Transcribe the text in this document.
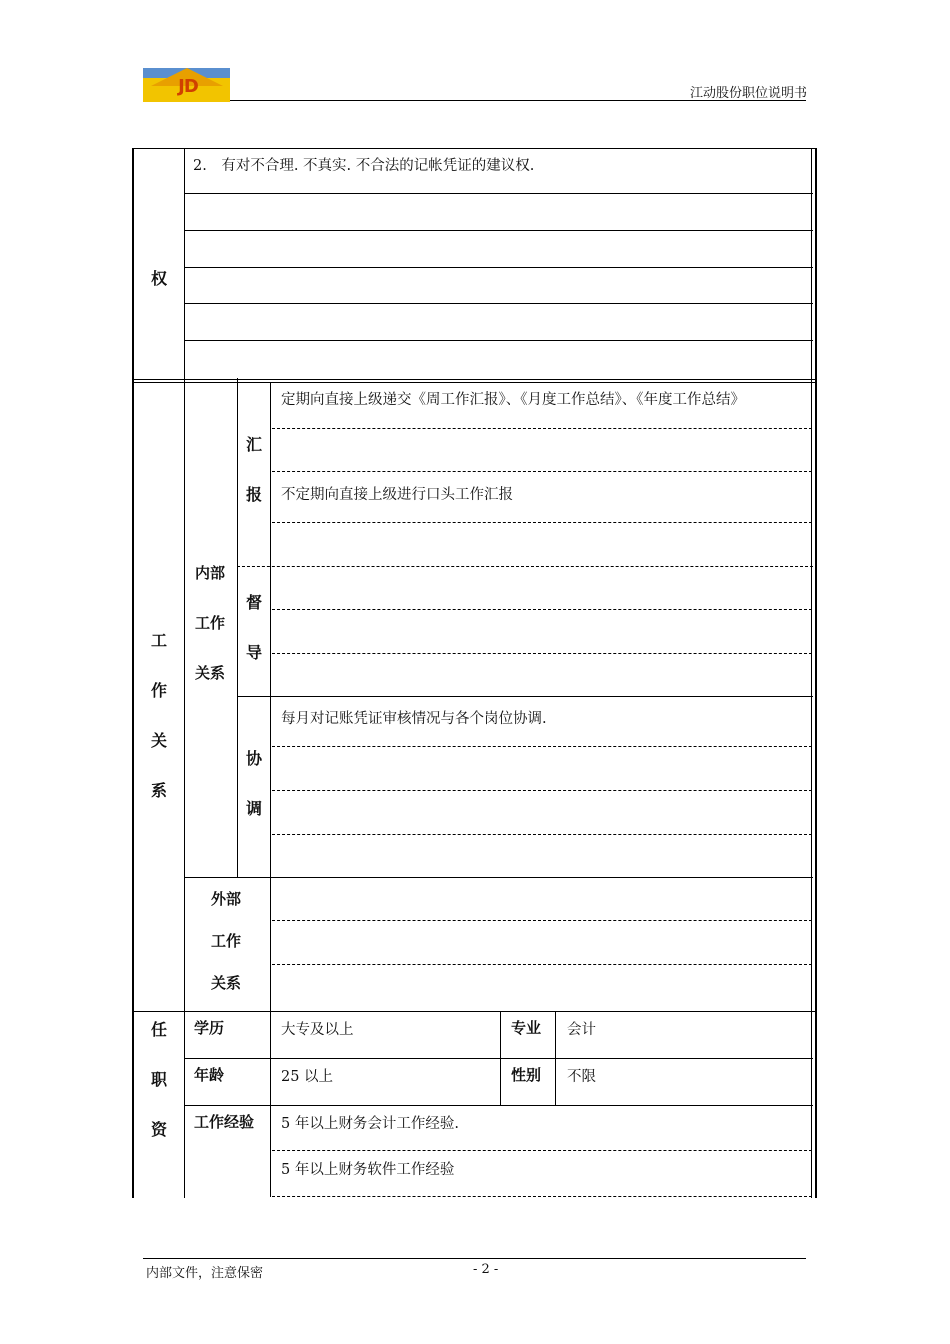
JD	江动股份职位说明书
权
2.　有对不合理. 不真实. 不合法的记帐凭证的建议权.
工
作
关
系
内部
工作
关系
汇
报
定期向直接上级递交《周工作汇报》、《月度工作总结》、《年度工作总结》
不定期向直接上级进行口头工作汇报
督
导
协
调
每月对记账凭证审核情况与各个岗位协调.
外部
工作
关系
任
职
资
学历	大专及以上	专业 会计
年龄	25 以上	性别 不限
工作经验 5 年以上财务会计工作经验.
5 年以上财务软件工作经验
内部文件，注意保密	- 2 -
